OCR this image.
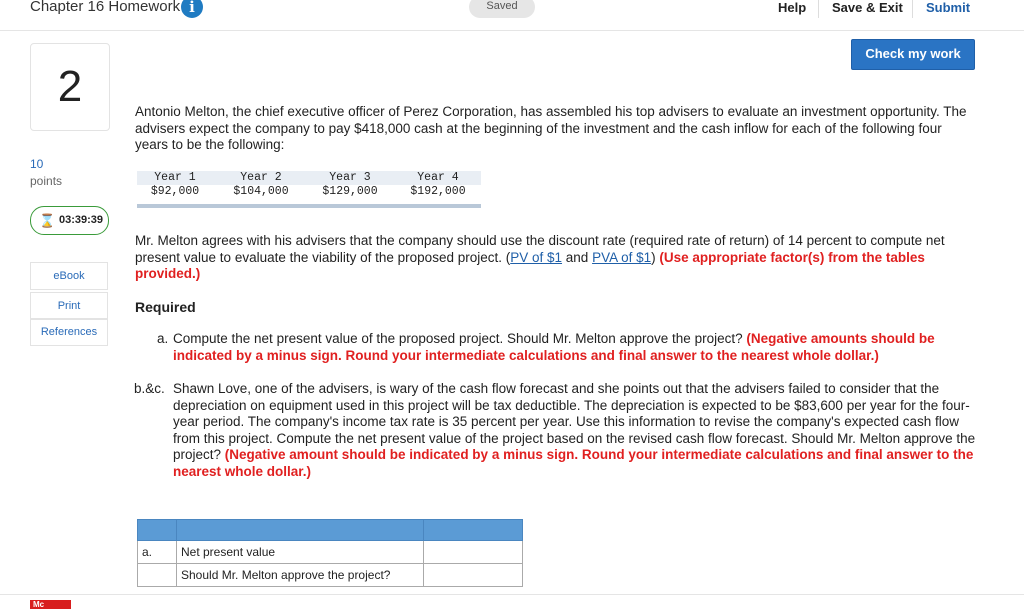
Chapter 16 Homework i	Saved	Help Save & Exit Submit
Check my work
2
10
points
⌛ 03:39:39
eBook
Print
References
Antonio Melton, the chief executive officer of Perez Corporation, has assembled his top advisers to evaluate an investment opportunity. The advisers expect the company to pay $418,000 cash at the beginning of the investment and the cash inflow for each of the following four years to be the following:
Year 1	Year 2	Year 3	Year 4
$92,000	$104,000	$129,000	$192,000
Mr. Melton agrees with his advisers that the company should use the discount rate (required rate of return) of 14 percent to compute net present value to evaluate the viability of the proposed project. (PV of $1 and PVA of $1) (Use appropriate factor(s) from the tables provided.)
Required
a. Compute the net present value of the proposed project. Should Mr. Melton approve the project? (Negative amounts should be indicated by a minus sign. Round your intermediate calculations and final answer to the nearest whole dollar.)
b.&c. Shawn Love, one of the advisers, is wary of the cash flow forecast and she points out that the advisers failed to consider that the depreciation on equipment used in this project will be tax deductible. The depreciation is expected to be $83,600 per year for the four-year period. The company's income tax rate is 35 percent per year. Use this information to revise the company's expected cash flow from this project. Compute the net present value of the project based on the revised cash flow forecast. Should Mr. Melton approve the project? (Negative amount should be indicated by a minus sign. Round your intermediate calculations and final answer to the nearest whole dollar.)

a.	Net present value	
	Should Mr. Melton approve the project?	
Mc
